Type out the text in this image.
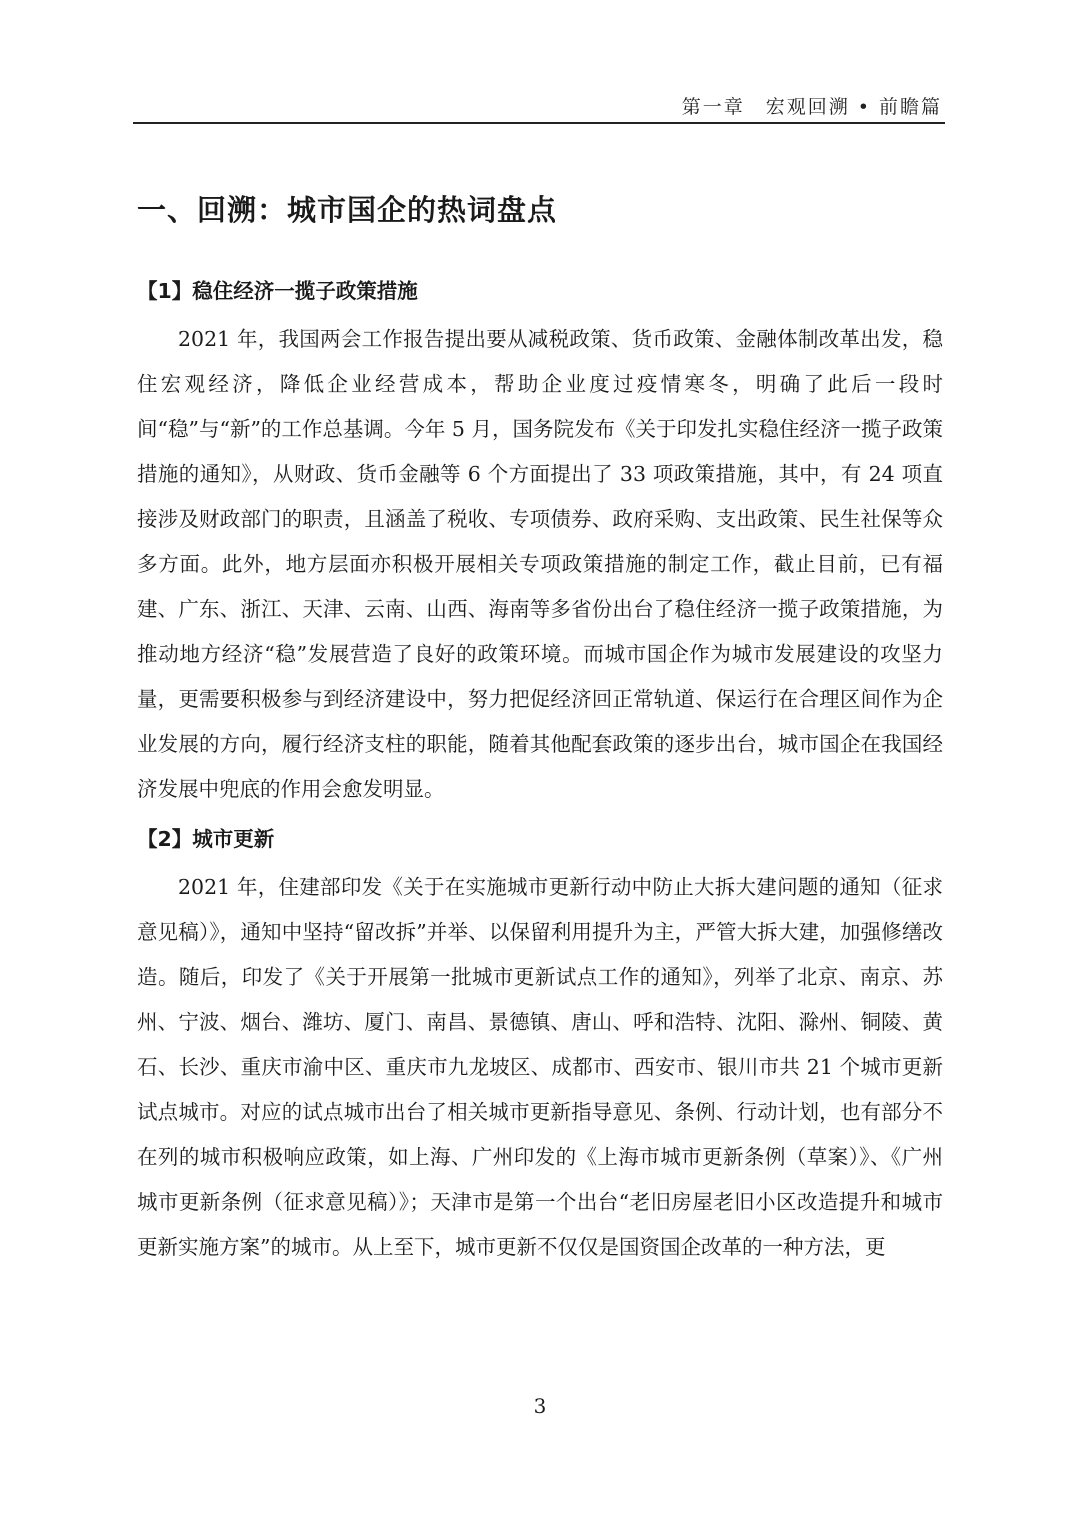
第一章　宏观回溯 • 前瞻篇
一、回溯：城市国企的热词盘点
【1】稳住经济一揽子政策措施

2021 年，我国两会工作报告提出要从减税政策、货币政策、金融体制改革出发，稳住宏观经济，降低企业经营成本，帮助企业度过疫情寒冬，明确了此后一段时间“稳”与“新”的工作总基调。今年 5 月，国务院发布《关于印发扎实稳住经济一揽子政策措施的通知》，从财政、货币金融等 6 个方面提出了 33 项政策措施，其中，有 24 项直接涉及财政部门的职责，且涵盖了税收、专项债券、政府采购、支出政策、民生社保等众多方面。此外，地方层面亦积极开展相关专项政策措施的制定工作，截止目前，已有福建、广东、浙江、天津、云南、山西、海南等多省份出台了稳住经济一揽子政策措施，为推动地方经济“稳”发展营造了良好的政策环境。而城市国企作为城市发展建设的攻坚力量，更需要积极参与到经济建设中，努力把促经济回正常轨道、保运行在合理区间作为企业发展的方向，履行经济支柱的职能，随着其他配套政策的逐步出台，城市国企在我国经济发展中兜底的作用会愈发明显。

【2】城市更新

2021 年，住建部印发《关于在实施城市更新行动中防止大拆大建问题的通知（征求意见稿）》，通知中坚持“留改拆”并举、以保留利用提升为主，严管大拆大建，加强修缮改造。随后，印发了《关于开展第一批城市更新试点工作的通知》，列举了北京、南京、苏州、宁波、烟台、潍坊、厦门、南昌、景德镇、唐山、呼和浩特、沈阳、滁州、铜陵、黄石、长沙、重庆市渝中区、重庆市九龙坡区、成都市、西安市、银川市共 21 个城市更新试点城市。对应的试点城市出台了相关城市更新指导意见、条例、行动计划，也有部分不在列的城市积极响应政策，如上海、广州印发的《上海市城市更新条例（草案）》、《广州城市更新条例（征求意见稿）》；天津市是第一个出台“老旧房屋老旧小区改造提升和城市更新实施方案”的城市。从上至下，城市更新不仅仅是国资国企改革的一种方法，更

3
